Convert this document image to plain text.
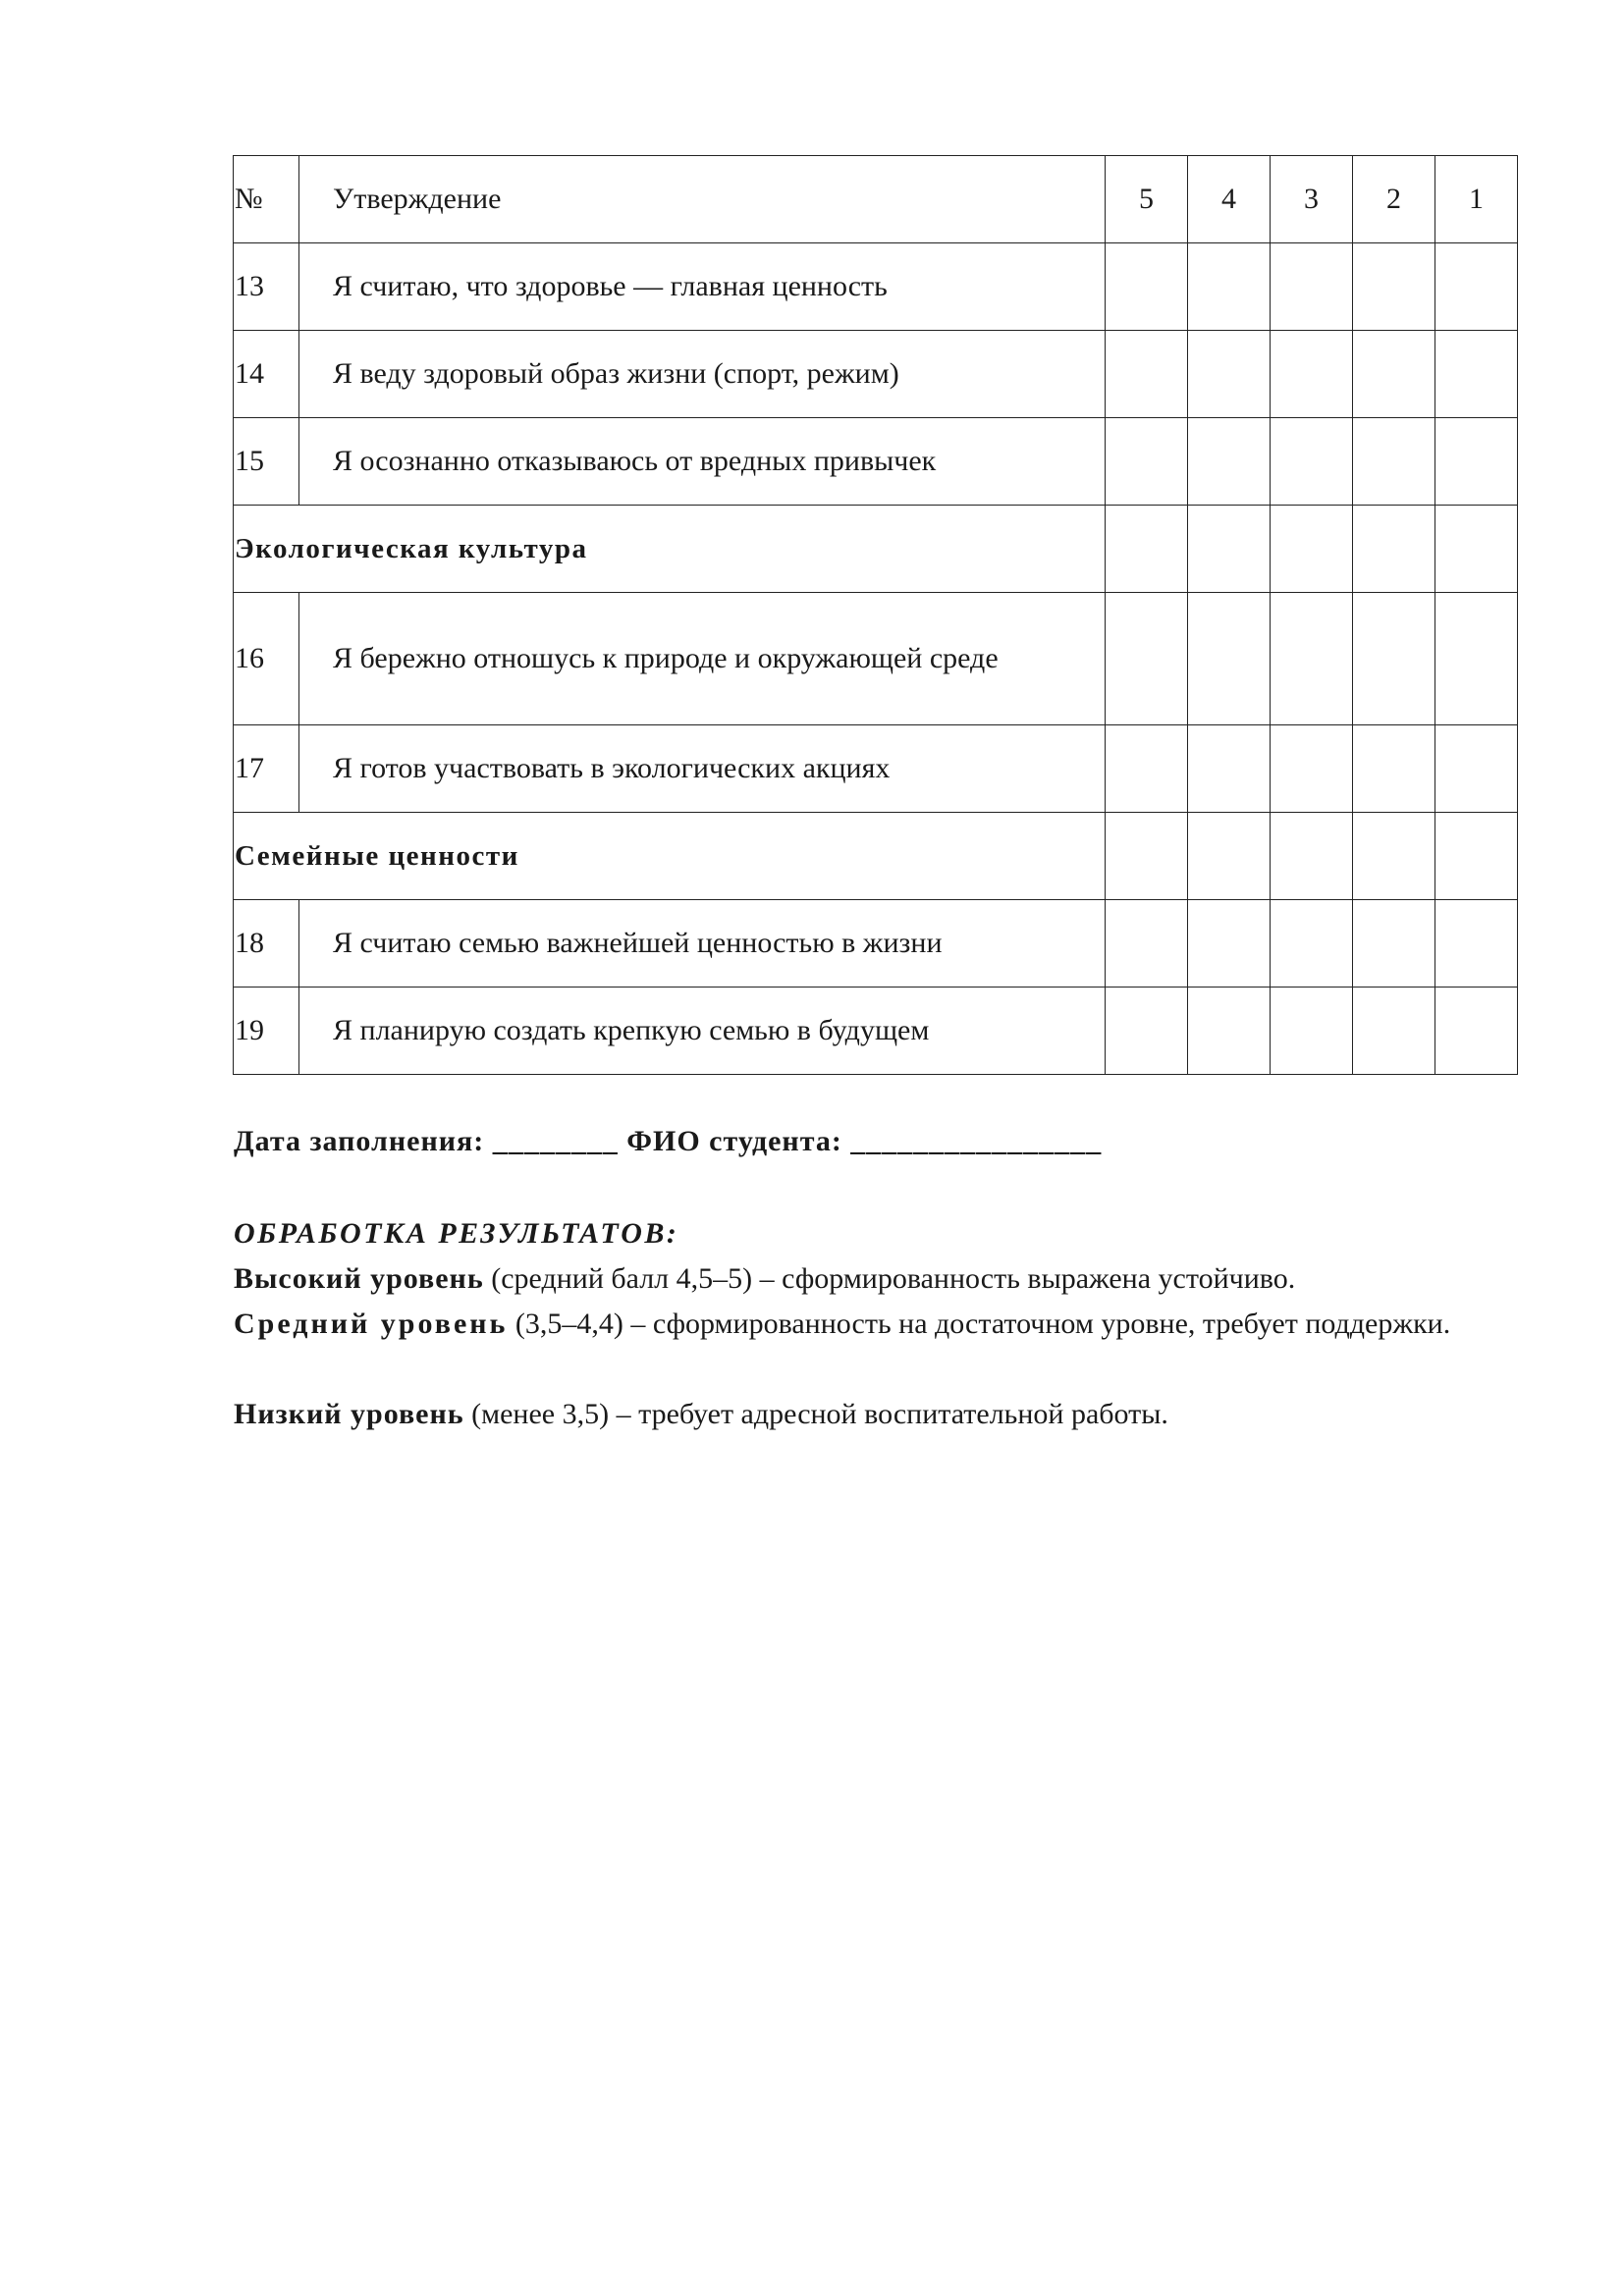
№	Утверждение	5	4	3	2	1
13	Я считаю, что здоровье — главная ценность					
14	Я веду здоровый образ жизни (спорт, режим)					
15	Я осознанно отказываюсь от вредных привычек					
Экологическая культура						
16	Я бережно отношусь к природе и окружающей среде					
17	Я готов участвовать в экологических акциях					
Семейные ценности						
18	Я считаю семью важнейшей ценностью в жизни					
19	Я планирую создать крепкую семью в будущем					
Дата заполнения: ________ ФИО студента: ________________
ОБРАБОТКА РЕЗУЛЬТАТОВ:
Высокий уровень (средний балл 4,5–5) – сформированность выражена устойчиво.
Средний уровень (3,5–4,4) – сформированность на достаточном уровне, требует поддержки.
Низкий уровень (менее 3,5) – требует адресной воспитательной работы.
